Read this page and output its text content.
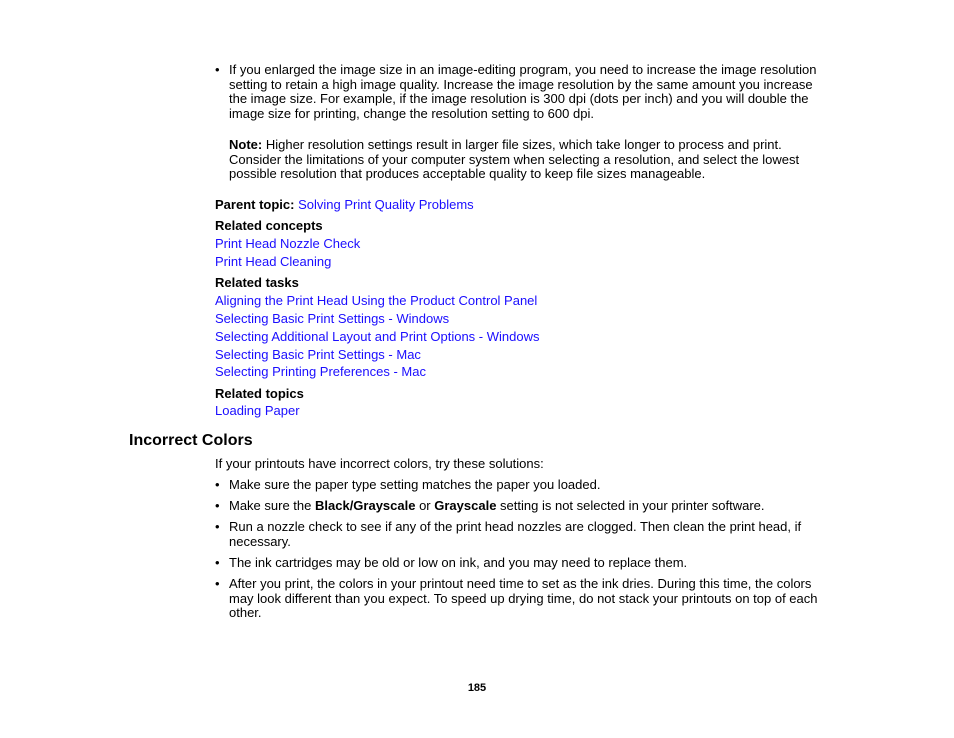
• If you enlarged the image size in an image-editing program, you need to increase the image resolution setting to retain a high image quality. Increase the image resolution by the same amount you increase the image size. For example, if the image resolution is 300 dpi (dots per inch) and you will double the image size for printing, change the resolution setting to 600 dpi.
Note: Higher resolution settings result in larger file sizes, which take longer to process and print. Consider the limitations of your computer system when selecting a resolution, and select the lowest possible resolution that produces acceptable quality to keep file sizes manageable.
Parent topic: Solving Print Quality Problems
Related concepts
Print Head Nozzle Check
Print Head Cleaning
Related tasks
Aligning the Print Head Using the Product Control Panel
Selecting Basic Print Settings - Windows
Selecting Additional Layout and Print Options - Windows
Selecting Basic Print Settings - Mac
Selecting Printing Preferences - Mac
Related topics
Loading Paper
Incorrect Colors
If your printouts have incorrect colors, try these solutions:
• Make sure the paper type setting matches the paper you loaded.
• Make sure the Black/Grayscale or Grayscale setting is not selected in your printer software.
• Run a nozzle check to see if any of the print head nozzles are clogged. Then clean the print head, if necessary.
• The ink cartridges may be old or low on ink, and you may need to replace them.
• After you print, the colors in your printout need time to set as the ink dries. During this time, the colors may look different than you expect. To speed up drying time, do not stack your printouts on top of each other.
185
